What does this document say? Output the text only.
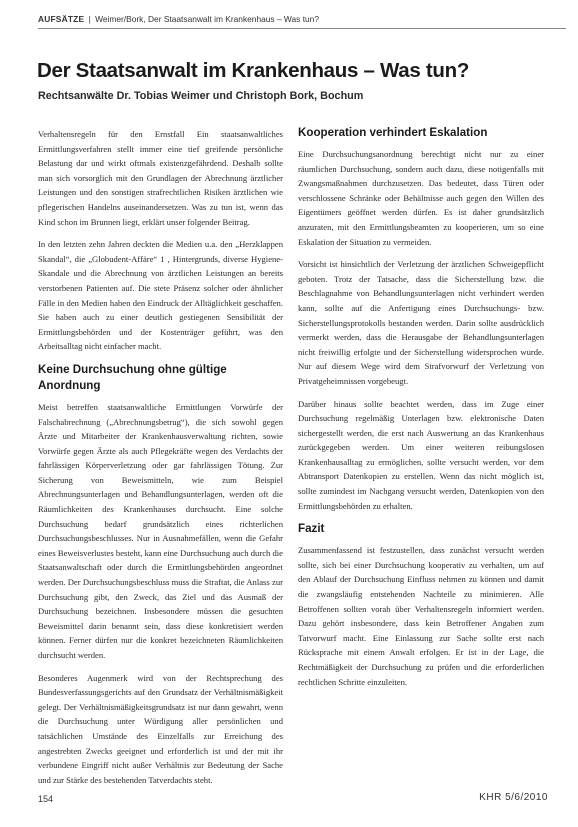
AUFSÄTZE | Weimer/Bork, Der Staatsanwalt im Krankenhaus – Was tun?
Der Staatsanwalt im Krankenhaus – Was tun?
Rechtsanwälte Dr. Tobias Weimer und Christoph Bork, Bochum

Verhaltensregeln für den Ernstfall Ein staatsanwaltliches Ermittlungsverfahren stellt immer eine tief greifende persönliche Belastung dar und wirkt oftmals existenzgefährdend. Deshalb sollte man sich vorsorglich mit den Grundlagen der Abrechnung ärztlicher Leistungen und den sonstigen strafrechtlichen Risiken ärztlichen wie pflegerischen Handelns auseinandersetzen. Was zu tun ist, wenn das Kind schon im Brunnen liegt, erklärt unser folgender Beitrag.

In den letzten zehn Jahren deckten die Medien u.a. den „Herzklappen Skandal“, die „Globudent-Affäre“ 1 , Hintergrunds, diverse Hygiene-Skandale und die Abrechnung von ärztlichen Leistungen an bereits verstorbenen Patienten auf. Die stete Präsenz solcher oder ähnlicher Fälle in den Medien haben den Eindruck der Alltäglichkeit geschaffen. Sie haben auch zu einer deutlich gestiegenen Sensibilität der Ermittlungsbehörden und der Kostenträger geführt, was den Arbeitsalltag nicht einfacher macht.

Keine Durchsuchung ohne gültige Anordnung

Meist betreffen staatsanwaltliche Ermittlungen Vorwürfe der Falschabrechnung („Abrechnungsbetrug“), die sich sowohl gegen Ärzte und Mitarbeiter der Krankenhausverwaltung richten, sowie Vorwürfe gegen Ärzte als auch Pflegekräfte wegen des Verdachts der fahrlässigen Körperverletzung oder gar fahrlässigen Tötung. Zur Sicherung von Beweismitteln, wie zum Beispiel Abrechnungsunterlagen und Behandlungsunterlagen, werden oft die Räumlichkeiten des Krankenhauses durchsucht. Eine solche Durchsuchung bedarf grundsätzlich eines richterlichen Durchsuchungsbeschlusses. Nur in Ausnahmefällen, wenn die Gefahr eines Beweisverlustes besteht, kann eine Durchsuchung auch durch die Staatsanwaltschaft oder durch die Ermittlungsbehörden angeordnet werden. Der Durchsuchungsbeschluss muss die Straftat, die Anlass zur Durchsuchung gibt, den Zweck, das Ziel und das Ausmaß der Durchsuchung bezeichnen. Insbesondere müssen die gesuchten Beweismittel darin benannt sein, dass diese konkretisiert werden können. Ferner dürfen nur die konkret bezeichneten Räumlichkeiten durchsucht werden.

Besonderes Augenmerk wird von der Rechtsprechung des Bundesverfassungsgerichts auf den Grundsatz der Verhältnismäßigkeit gelegt. Der Verhältnismäßigkeitsgrundsatz ist nur dann gewahrt, wenn die Durchsuchung unter Würdigung aller persönlichen und tatsächlichen Umstände des Einzelfalls zur Erreichung des angestrebten Zwecks geeignet und erforderlich ist und der mit ihr verbundene Eingriff nicht außer Verhältnis zur Bedeutung der Sache und zur Stärke des bestehenden Tatverdachts steht.

Kooperation verhindert Eskalation

Eine Durchsuchungsanordnung berechtigt nicht nur zu einer räumlichen Durchsuchung, sondern auch dazu, diese notigenfalls mit Zwangsmaßnahmen durchzusetzen. Das bedeutet, dass Türen oder verschlossene Schränke oder Behältnisse auch gegen den Willen des Eigentümers geöffnet werden dürfen. Es ist daher grundsätzlich anzuraten, mit den Ermittlungsbeamten zu kooperieren, um so eine Eskalation der Situation zu vermeiden.

Vorsicht ist hinsichtlich der Verletzung der ärztlichen Schweigepflicht geboten. Trotz der Tatsache, dass die Sicherstellung bzw. die Beschlagnahme von Behandlungsunterlagen nicht verhindert werden kann, sollte auf die Anfertigung eines Durchsuchungs- bzw. Sicherstellungsprotokolls bestanden werden. Darin sollte ausdrücklich vermerkt werden, dass die Herausgabe der Behandlungsunterlagen nicht freiwillig erfolgte und der Sicherstellung widersprochen wurde. Nur auf diesem Wege wird dem Strafvorwurf der Verletzung von Privatgeheimnissen vorgebeugt.

Darüber hinaus sollte beachtet werden, dass im Zuge einer Durchsuchung regelmäßig Unterlagen bzw. elektronische Daten sichergestellt werden, die erst nach Auswertung an das Krankenhaus zurückgegeben werden. Um einer weiteren reibungslosen Krankenhausalltag zu ermöglichen, sollte versucht werden, vor dem Abtransport Datenkopien zu erstellen. Wenn das nicht möglich ist, sollte zumindest im Nachgang versucht werden, Datenkopien von den Ermittlungsbehörden zu erhalten.

Fazit

Zusammenfassend ist festzustellen, dass zunächst versucht werden sollte, sich bei einer Durchsuchung kooperativ zu verhalten, um auf den Ablauf der Durchsuchung Einfluss nehmen zu können und damit die zwangsläufig entstehenden Nachteile zu minimieren. Alle Betroffenen sollten vorab über Verhaltensregeln informiert werden. Dazu gehört insbesondere, dass kein Betroffener Angaben zum Tatvorwurf macht. Eine Einlassung zur Sache sollte erst nach Rücksprache mit einem Anwalt erfolgen. Er ist in der Lage, die Rechtmäßigkeit der Durchsuchung zu prüfen und die erforderlichen rechtlichen Schritte einzuleiten.

154	KHR 5/6/2010
